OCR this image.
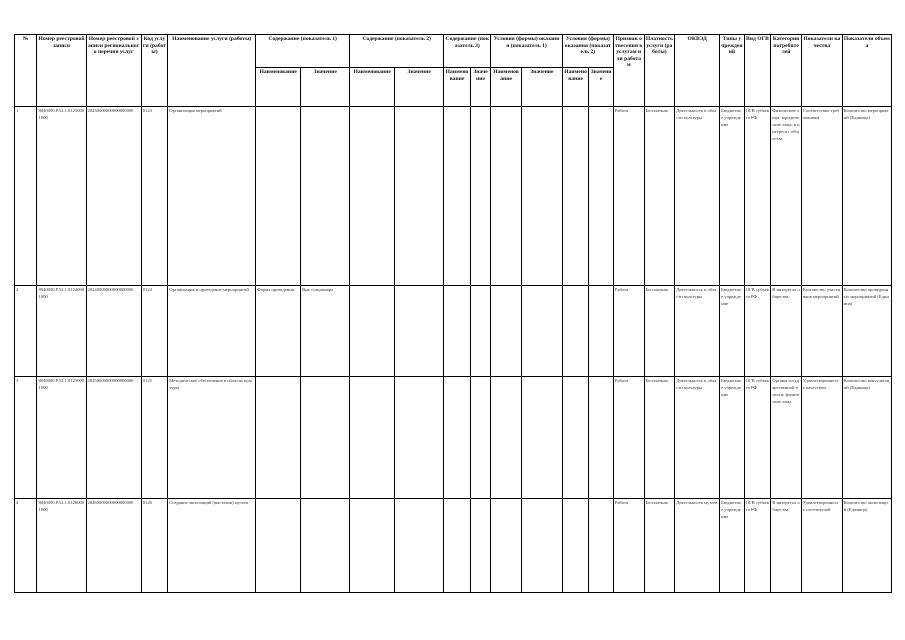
№	Номер реестровой записи	Номер реестровой записи регионального перечня услуг	Код услуги (работы)	Наименование услуги (работы)	Содержание (показатель 1)		Содержание (показатель 2)		Содержание (показатель 3)		Условия (формы) оказания (показатель 1)		Условия (формы) оказания (показатель 2)		Признак отнесения к услугам или работам	Платность услуги (работы)	ОКВЭД	Типы учреждений	Вид ОГВ	Категории потребителей	Показатели качества	Показатели объема
					Наименование	Значение	Наименование	Значение	Наименование	Значение	Наименование	Значение	Наименование	Значение								
1	8040000.Р.52.1.01230001000	20230000000000000000	0123	Организация мероприятий											Работа	Бесплатная	Деятельность в области культуры	Бюджетное учреждение	ОГВ субъекта РФ	Физические лица; юридические лица; в интересах общества	Соответствие требованиям	Количество мероприятий (Единица)
2	8040000.Р.52.1.01240001000	20240000000000000000	0124	Организация и проведение мероприятий	Форма проведения	Вне стационара									Работа	Бесплатная	Деятельность в области культуры	Бюджетное учреждение	ОГВ субъекта РФ	В интересах общества	Количество участников мероприятий	Количество проведенных мероприятий (Единица)
3	8040000.Р.52.1.01250001000	20250000000000000000	0125	Методическое обеспечение в области культуры											Работа	Бесплатная	Деятельность в области культуры	Бюджетное учреждение	ОГВ субъекта РФ	Органы государственной власти; физические лица	Удовлетворенность качеством	Количество консультаций (Единица)
4	8040000.Р.52.1.01260001000	20260000000000000000	0126	Создание экспозиций (выставок) музеев											Работа	Бесплатная	Деятельность музеев	Бюджетное учреждение	ОГВ субъекта РФ	В интересах общества	Удовлетворенность посетителей	Количество экспозиций (Единица)
